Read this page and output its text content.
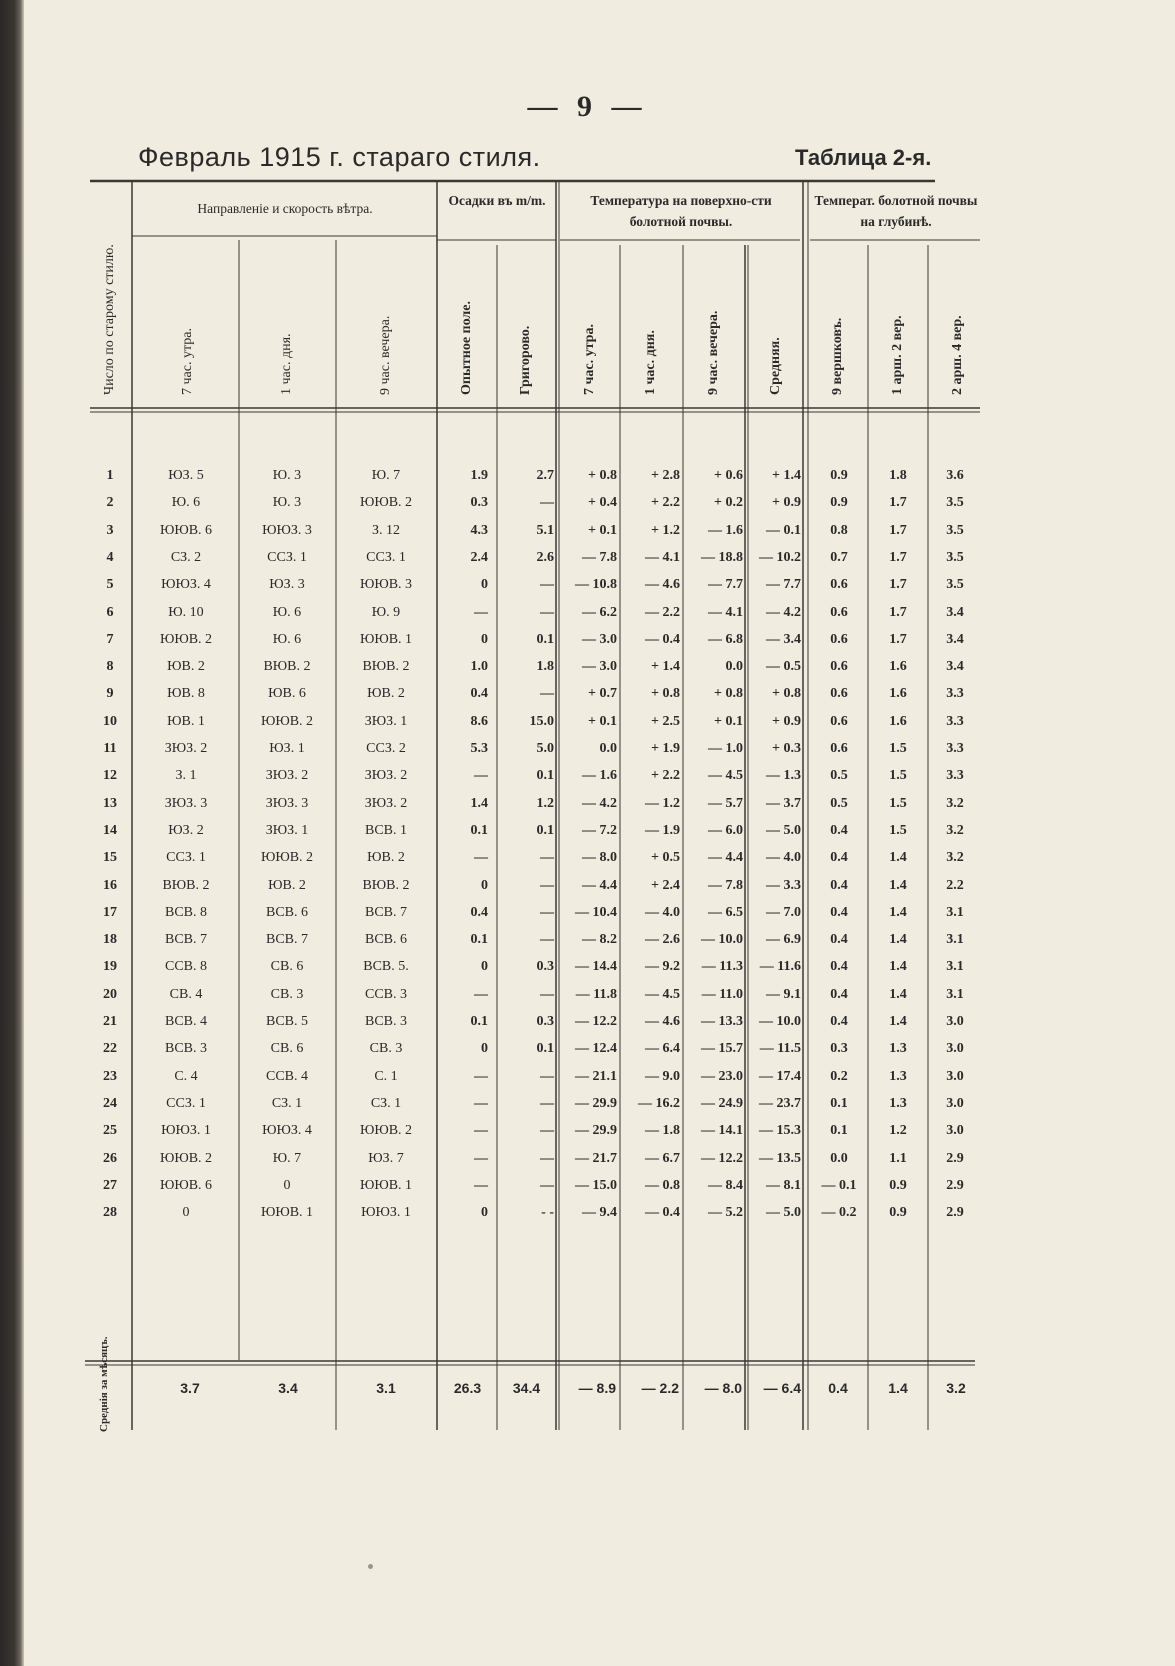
— 9 —
Февраль 1915 г. стараго стиля.	Таблица 2-я.
Направленіе и скорость вѣтра.
Осадки въ m/m.	Температура на поверхно-сти болотной почвы.
Температ. болотной почвы на глубинѣ.
Число по старому стилю.	7 час. утра.	1 час. дня.	9 час. вечера.	Опытное поле.	Григорово.	7 час. утра.	1 час. дня.	9 час. вечера.	Средняя.	9 вершковъ.	1 арш. 2 вер.	2 арш. 4 вер.
1	ЮЗ. 5	Ю. 3	Ю. 7	1.9	2.7	+ 0.8	+ 2.8	+ 0.6	+ 1.4	0.9	1.8	3.6
2	Ю. 6	Ю. 3	ЮЮВ. 2	0.3	—	+ 0.4	+ 2.2	+ 0.2	+ 0.9	0.9	1.7	3.5
3	ЮЮВ. 6	ЮЮЗ. 3	З. 12	4.3	5.1	+ 0.1	+ 1.2	— 1.6	— 0.1	0.8	1.7	3.5
4	СЗ. 2	ССЗ. 1	ССЗ. 1	2.4	2.6	— 7.8	— 4.1	— 18.8	— 10.2	0.7	1.7	3.5
5	ЮЮЗ. 4	ЮЗ. 3	ЮЮВ. 3	0	—	— 10.8	— 4.6	— 7.7	— 7.7	0.6	1.7	3.5
6	Ю. 10	Ю. 6	Ю. 9	—	—	— 6.2	— 2.2	— 4.1	— 4.2	0.6	1.7	3.4
7	ЮЮВ. 2	Ю. 6	ЮЮВ. 1	0	0.1	— 3.0	— 0.4	— 6.8	— 3.4	0.6	1.7	3.4
8	ЮВ. 2	ВЮВ. 2	ВЮВ. 2	1.0	1.8	— 3.0	+ 1.4	0.0	— 0.5	0.6	1.6	3.4
9	ЮВ. 8	ЮВ. 6	ЮВ. 2	0.4	—	+ 0.7	+ 0.8	+ 0.8	+ 0.8	0.6	1.6	3.3
10	ЮВ. 1	ЮЮВ. 2	ЗЮЗ. 1	8.6	15.0	+ 0.1	+ 2.5	+ 0.1	+ 0.9	0.6	1.6	3.3
11	ЗЮЗ. 2	ЮЗ. 1	ССЗ. 2	5.3	5.0	0.0	+ 1.9	— 1.0	+ 0.3	0.6	1.5	3.3
12	З. 1	ЗЮЗ. 2	ЗЮЗ. 2	—	0.1	— 1.6	+ 2.2	— 4.5	— 1.3	0.5	1.5	3.3
13	ЗЮЗ. 3	ЗЮЗ. 3	ЗЮЗ. 2	1.4	1.2	— 4.2	— 1.2	— 5.7	— 3.7	0.5	1.5	3.2
14	ЮЗ. 2	ЗЮЗ. 1	ВСВ. 1	0.1	0.1	— 7.2	— 1.9	— 6.0	— 5.0	0.4	1.5	3.2
15	ССЗ. 1	ЮЮВ. 2	ЮВ. 2	—	—	— 8.0	+ 0.5	— 4.4	— 4.0	0.4	1.4	3.2
16	ВЮВ. 2	ЮВ. 2	ВЮВ. 2	0	—	— 4.4	+ 2.4	— 7.8	— 3.3	0.4	1.4	2.2
17	ВСВ. 8	ВСВ. 6	ВСВ. 7	0.4	—	— 10.4	— 4.0	— 6.5	— 7.0	0.4	1.4	3.1
18	ВСВ. 7	ВСВ. 7	ВСВ. 6	0.1	—	— 8.2	— 2.6	— 10.0	— 6.9	0.4	1.4	3.1
19	ССВ. 8	СВ. 6	ВСВ. 5.	0	0.3	— 14.4	— 9.2	— 11.3	— 11.6	0.4	1.4	3.1
20	СВ. 4	СВ. 3	ССВ. 3	—	—	— 11.8	— 4.5	— 11.0	— 9.1	0.4	1.4	3.1
21	ВСВ. 4	ВСВ. 5	ВСВ. 3	0.1	0.3	— 12.2	— 4.6	— 13.3	— 10.0	0.4	1.4	3.0
22	ВСВ. 3	СВ. 6	СВ. 3	0	0.1	— 12.4	— 6.4	— 15.7	— 11.5	0.3	1.3	3.0
23	С. 4	ССВ. 4	С. 1	—	—	— 21.1	— 9.0	— 23.0	— 17.4	0.2	1.3	3.0
24	ССЗ. 1	СЗ. 1	СЗ. 1	—	—	— 29.9	— 16.2	— 24.9	— 23.7	0.1	1.3	3.0
25	ЮЮЗ. 1	ЮЮЗ. 4	ЮЮВ. 2	—	—	— 29.9	— 1.8	— 14.1	— 15.3	0.1	1.2	3.0
26	ЮЮВ. 2	Ю. 7	ЮЗ. 7	—	—	— 21.7	— 6.7	— 12.2	— 13.5	0.0	1.1	2.9
27	ЮЮВ. 6	0	ЮЮВ. 1	—	—	— 15.0	— 0.8	— 8.4	— 8.1	— 0.1	0.9	2.9
28	0	ЮЮВ. 1	ЮЮЗ. 1	0	- -	— 9.4	— 0.4	— 5.2	— 5.0	— 0.2	0.9	2.9
3.7	3.4	3.1	26.3	34.4	— 8.9	— 2.2	— 8.0	— 6.4	0.4	1.4	3.2
Среднія за мѣсяцъ.
